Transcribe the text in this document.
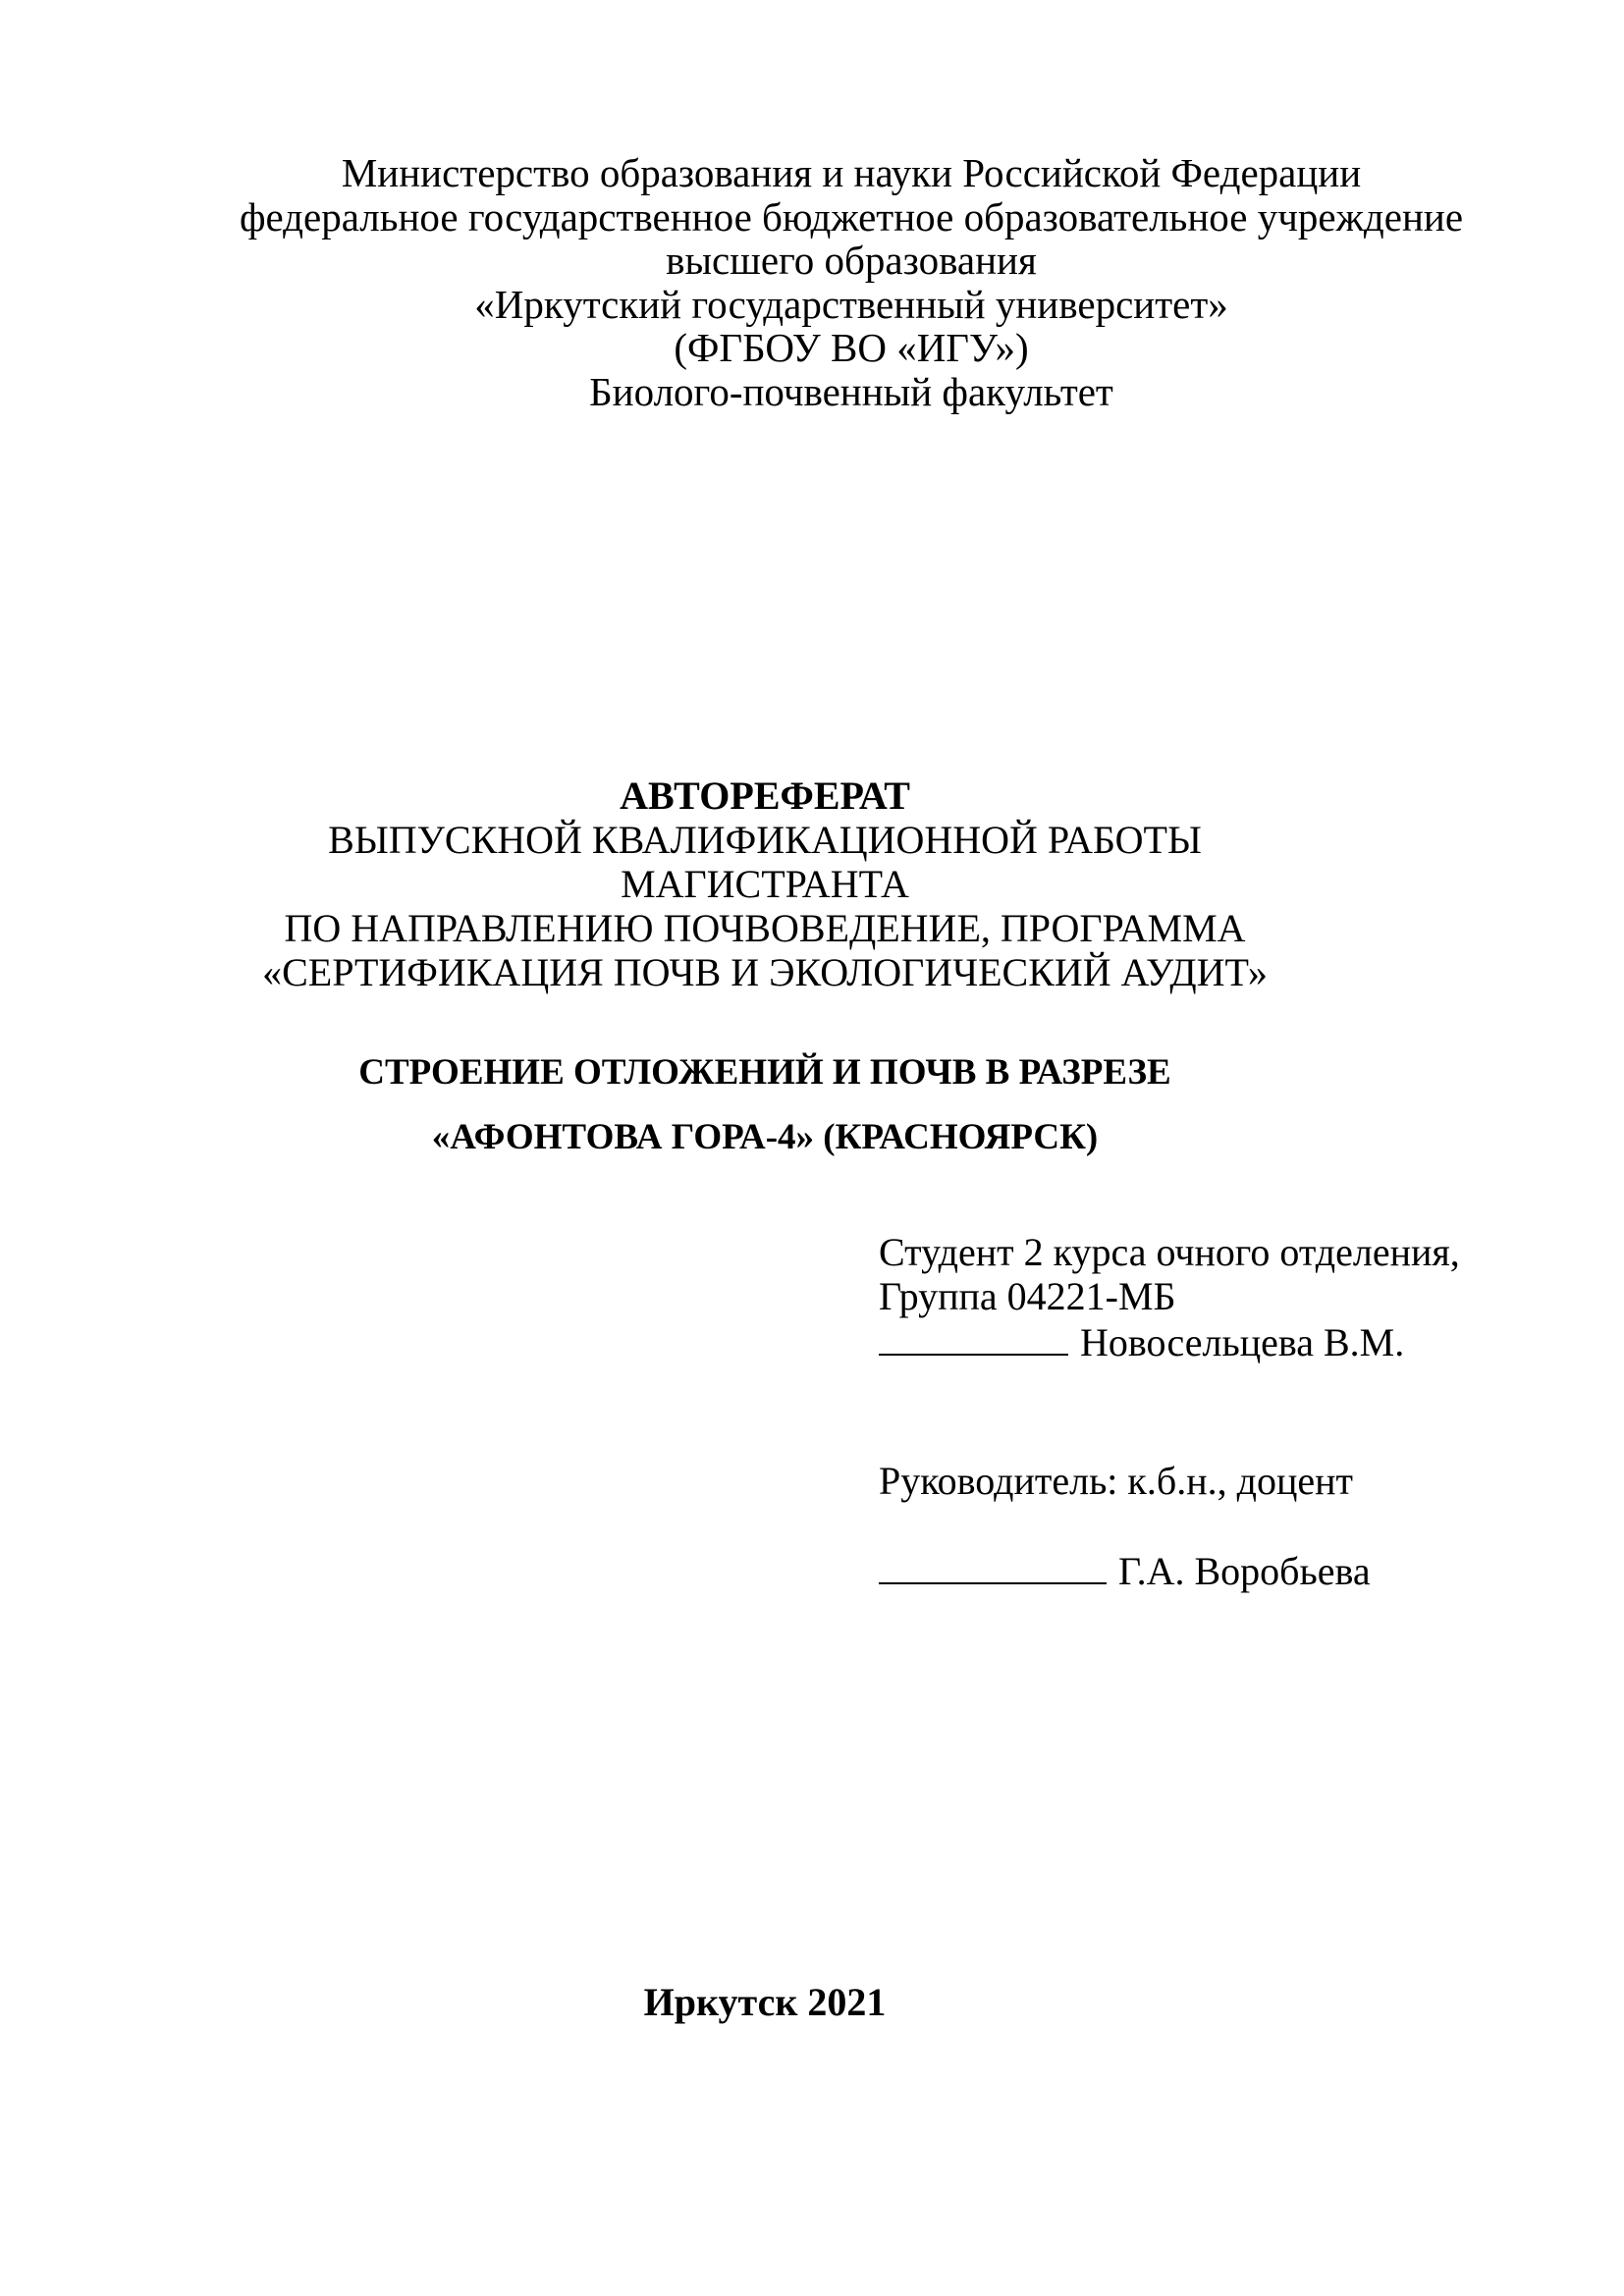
Министерство образования и науки Российской Федерации
федеральное государственное бюджетное образовательное учреждение
высшего образования
«Иркутский государственный университет»
(ФГБОУ ВО «ИГУ»)
Биолого-почвенный факультет
АВТОРЕФЕРАТ
ВЫПУСКНОЙ КВАЛИФИКАЦИОННОЙ РАБОТЫ
МАГИСТРАНТА
ПО НАПРАВЛЕНИЮ ПОЧВОВЕДЕНИЕ, ПРОГРАММА
«СЕРТИФИКАЦИЯ ПОЧВ И ЭКОЛОГИЧЕСКИЙ АУДИТ»
СТРОЕНИЕ ОТЛОЖЕНИЙ И ПОЧВ В РАЗРЕЗЕ
«АФОНТОВА ГОРА-4» (КРАСНОЯРСК)
Студент 2 курса очного отделения,
Группа 04221-МБ
Новосельцева В.М.
Руководитель: к.б.н., доцент
Г.А. Воробьева
Иркутск 2021
